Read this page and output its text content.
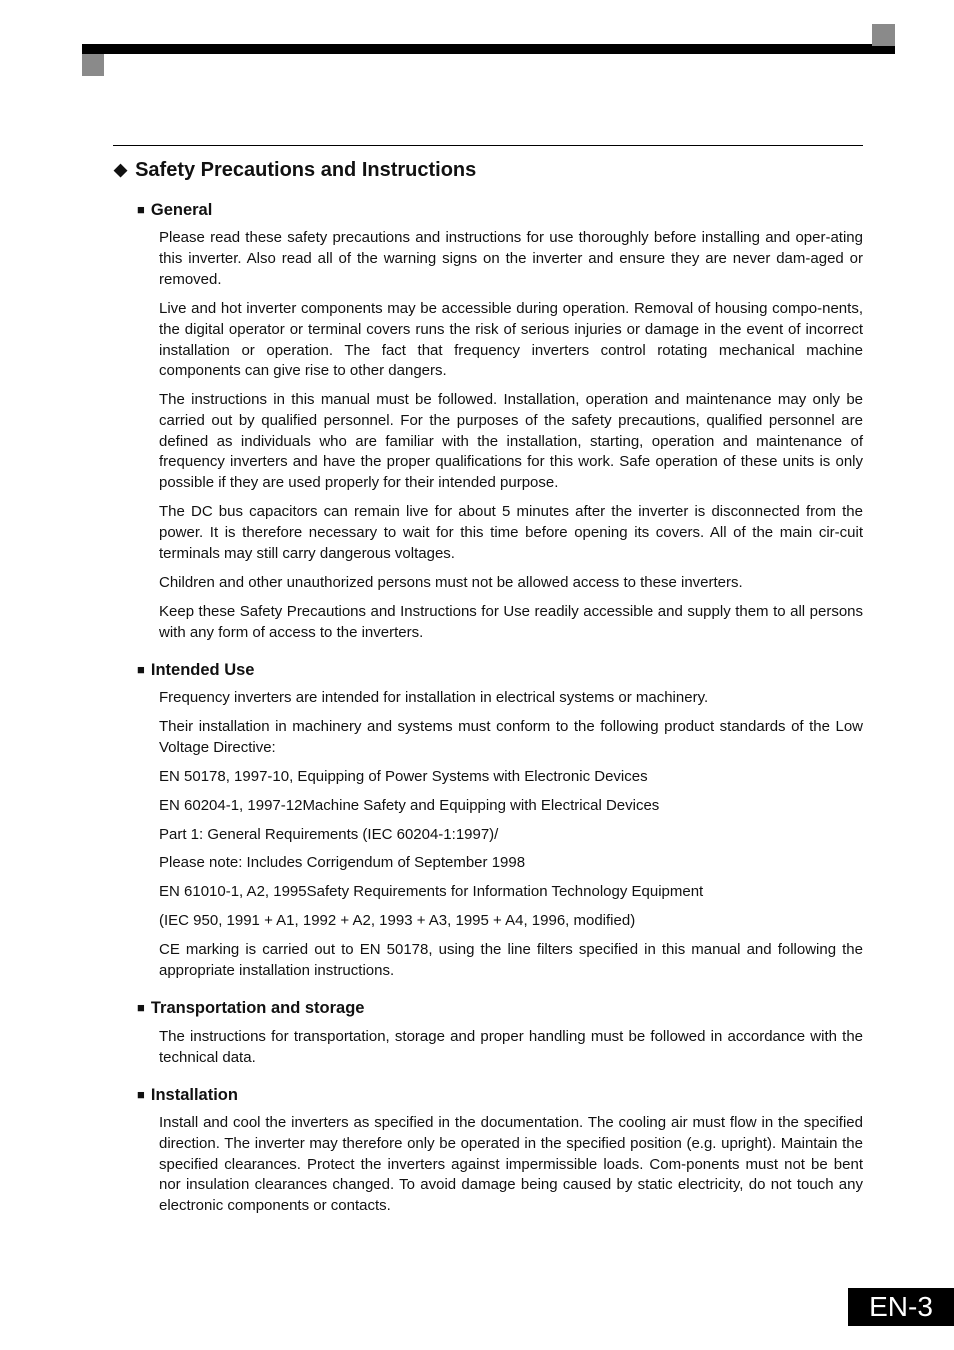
◆ Safety Precautions and Instructions
■ General

Please read these safety precautions and instructions for use thoroughly before installing and oper-ating this inverter. Also read all of the warning signs on the inverter and ensure they are never dam-aged or removed.

Live and hot inverter components may be accessible during operation. Removal of housing compo-nents, the digital operator or terminal covers runs the risk of serious injuries or damage in the event of incorrect installation or operation. The fact that frequency inverters control rotating mechanical machine components can give rise to other dangers.

The instructions in this manual must be followed. Installation, operation and maintenance may only be carried out by qualified personnel. For the purposes of the safety precautions, qualified personnel are defined as individuals who are familiar with the installation, starting, operation and maintenance of frequency inverters and have the proper qualifications for this work. Safe operation of these units is only possible if they are used properly for their intended purpose.

The DC bus capacitors can remain live for about 5 minutes after the inverter is disconnected from the power. It is therefore necessary to wait for this time before opening its covers. All of the main cir-cuit terminals may still carry dangerous voltages.

Children and other unauthorized persons must not be allowed access to these inverters.

Keep these Safety Precautions and Instructions for Use readily accessible and supply them to all persons with any form of access to the inverters.

■ Intended Use

Frequency inverters are intended for installation in electrical systems or machinery.

Their installation in machinery and systems must conform to the following product standards of the Low Voltage Directive:

EN 50178, 1997-10, Equipping of Power Systems with Electronic Devices

EN 60204-1, 1997-12Machine Safety and Equipping with Electrical Devices

Part 1: General Requirements (IEC 60204-1:1997)/

Please note: Includes Corrigendum of September 1998

EN 61010-1, A2, 1995Safety Requirements for Information Technology Equipment

(IEC 950, 1991 + A1, 1992 + A2, 1993 + A3, 1995 + A4, 1996, modified)

CE marking is carried out to EN 50178, using the line filters specified in this manual and following the appropriate installation instructions.

■ Transportation and storage

The instructions for transportation, storage and proper handling must be followed in accordance with the technical data.

■ Installation

Install and cool the inverters as specified in the documentation. The cooling air must flow in the specified direction. The inverter may therefore only be operated in the specified position (e.g. upright). Maintain the specified clearances. Protect the inverters against impermissible loads. Com-ponents must not be bent nor insulation clearances changed. To avoid damage being caused by static electricity, do not touch any electronic components or contacts.

EN-3
